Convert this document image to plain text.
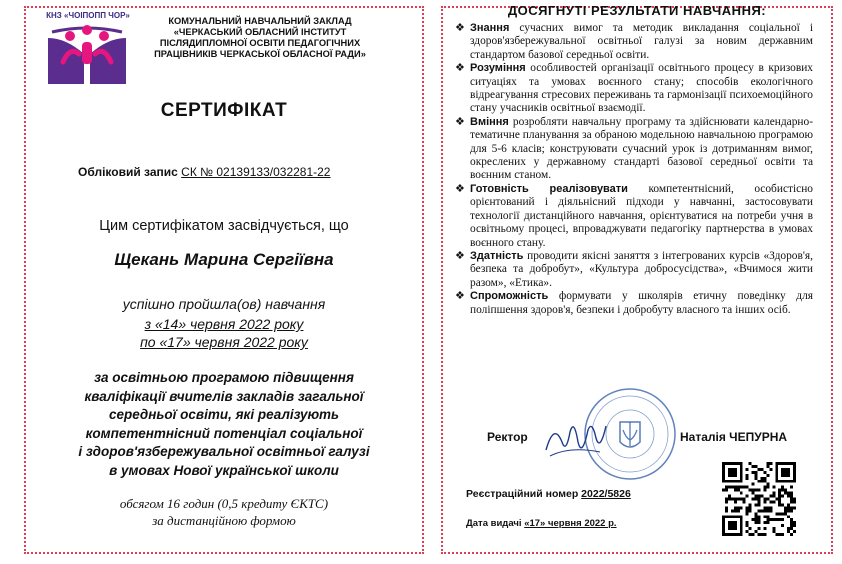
КНЗ «ЧОІПОПП ЧОР»
КОМУНАЛЬНИЙ НАВЧАЛЬНИЙ ЗАКЛАД
«ЧЕРКАСЬКИЙ ОБЛАСНИЙ ІНСТИТУТ
ПІСЛЯДИПЛОМНОЇ ОСВІТИ ПЕДАГОГІЧНИХ
ПРАЦІВНИКІВ ЧЕРКАСЬКОЇ ОБЛАСНОЇ РАДИ»
СЕРТИФІКАТ
Обліковий запис СК № 02139133/032281-22
Цим сертифікатом засвідчується, що
Щекань Марина Сергіївна
успішно пройшла(ов) навчання
з «14» червня 2022 року
по «17» червня 2022 року
за освітньою програмою підвищення
кваліфікації вчителів закладів загальної
середньої освіти, які реалізують
компетентнісний потенціал соціальної
і здоров'язбережувальної освітньої галузі
в умовах Нової української школи
обсягом 16 годин (0,5 кредиту ЄКТС)
за дистанційною формою
ДОСЯГНУТІ РЕЗУЛЬТАТИ НАВЧАННЯ:
❖ Знання сучасних вимог та методик викладання соціальної і здоров'язбережувальної освітньої галузі за новим державним стандартом базової середньої освіти.
❖ Розуміння особливостей організації освітнього процесу в кризових ситуаціях та умовах воєнного стану; способів екологічного відреагування стресових переживань та гармонізації психоемоційного стану учасників освітньої взаємодії.
❖ Вміння розробляти навчальну програму та здійснювати календарно-тематичне планування за обраною модельною навчальною програмою для 5-6 класів; конструювати сучасний урок із дотриманням вимог, окреслених у державному стандарті базової середньої освіти та воєнним станом.
❖ Готовність реалізовувати компетентнісний, особистісно орієнтований і діяльнісний підходи у навчанні, застосовувати технології дистанційного навчання, орієнтуватися на потреби учня в освітньому процесі, впроваджувати педагогіку партнерства в умовах воєнного стану.
❖ Здатність проводити якісні заняття з інтегрованих курсів «Здоров'я, безпека та добробут», «Культура добросусідства», «Вчимося жити разом», «Етика».
❖ Спроможність формувати у школярів етичну поведінку для поліпшення здоров'я, безпеки і добробуту власного та інших осіб.
Ректор	Наталія ЧЕПУРНА
Реєстраційний номер 2022/5826
Дата видачі «17» червня 2022 р.
